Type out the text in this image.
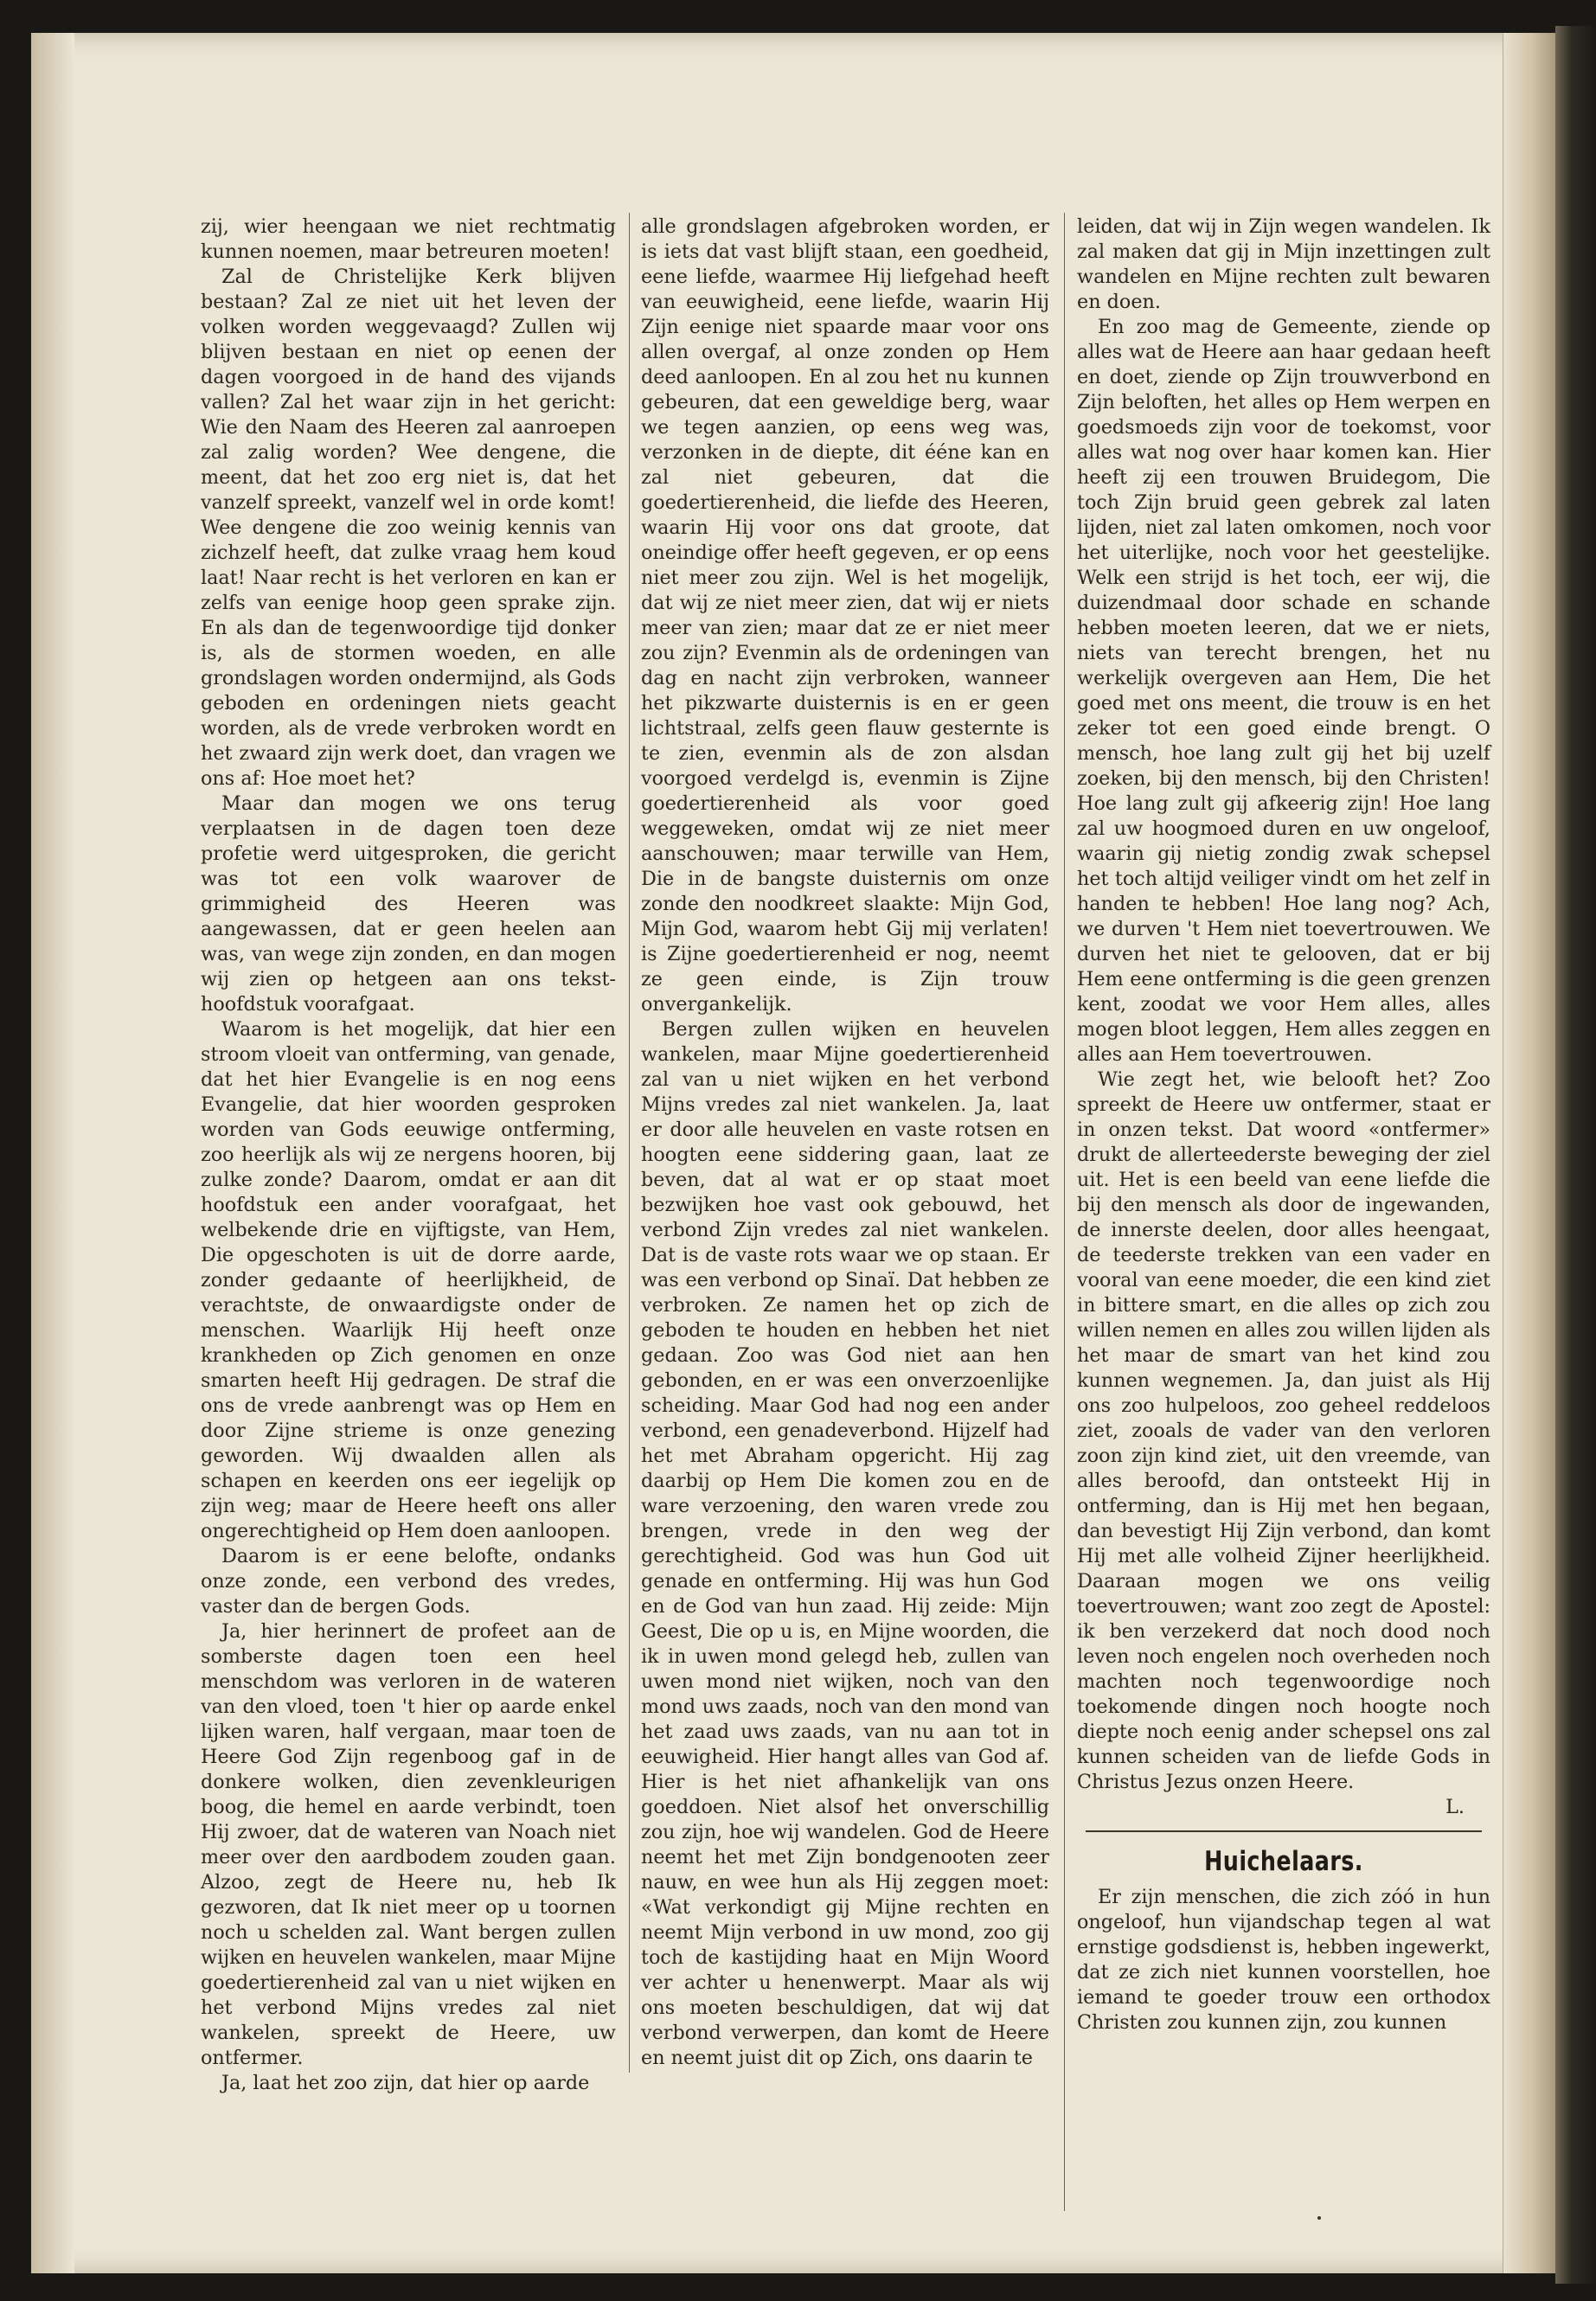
zij, wier heengaan we niet rechtmatig kunnen noemen, maar betreuren moeten!

Zal de Christelijke Kerk blijven bestaan? Zal ze niet uit het leven der volken worden weggevaagd? Zullen wij blijven bestaan en niet op eenen der dagen voorgoed in de hand des vijands vallen? Zal het waar zijn in het gericht: Wie den Naam des Heeren zal aanroepen zal zalig worden? Wee dengene, die meent, dat het zoo erg niet is, dat het vanzelf spreekt, vanzelf wel in orde komt! Wee dengene die zoo weinig kennis van zichzelf heeft, dat zulke vraag hem koud laat! Naar recht is het verloren en kan er zelfs van eenige hoop geen sprake zijn. En als dan de tegenwoordige tijd donker is, als de stormen woeden, en alle grondslagen worden ondermijnd, als Gods geboden en ordeningen niets geacht worden, als de vrede verbroken wordt en het zwaard zijn werk doet, dan vragen we ons af: Hoe moet het?

Maar dan mogen we ons terug verplaatsen in de dagen toen deze profetie werd uitgesproken, die gericht was tot een volk waarover de grimmigheid des Heeren was aangewassen, dat er geen heelen aan was, van wege zijn zonden, en dan mogen wij zien op hetgeen aan ons tekst-hoofdstuk voorafgaat.

Waarom is het mogelijk, dat hier een stroom vloeit van ontferming, van genade, dat het hier Evangelie is en nog eens Evangelie, dat hier woorden gesproken worden van Gods eeuwige ontferming, zoo heerlijk als wij ze nergens hooren, bij zulke zonde? Daarom, omdat er aan dit hoofdstuk een ander voorafgaat, het welbekende drie en vijftigste, van Hem, Die opgeschoten is uit de dorre aarde, zonder gedaante of heerlijkheid, de verachtste, de onwaardigste onder de menschen. Waarlijk Hij heeft onze krankheden op Zich genomen en onze smarten heeft Hij gedragen. De straf die ons de vrede aanbrengt was op Hem en door Zijne strieme is onze genezing geworden. Wij dwaalden allen als schapen en keerden ons eer iegelijk op zijn weg; maar de Heere heeft ons aller ongerechtigheid op Hem doen aanloopen.

Daarom is er eene belofte, ondanks onze zonde, een verbond des vredes, vaster dan de bergen Gods.

Ja, hier herinnert de profeet aan de somberste dagen toen een heel menschdom was verloren in de wateren van den vloed, toen 't hier op aarde enkel lijken waren, half vergaan, maar toen de Heere God Zijn regenboog gaf in de donkere wolken, dien zevenkleurigen boog, die hemel en aarde verbindt, toen Hij zwoer, dat de wateren van Noach niet meer over den aardbodem zouden gaan. Alzoo, zegt de Heere nu, heb Ik gezworen, dat Ik niet meer op u toornen noch u schelden zal. Want bergen zullen wijken en heuvelen wankelen, maar Mijne goedertierenheid zal van u niet wijken en het verbond Mijns vredes zal niet wankelen, spreekt de Heere, uw ontfermer.

Ja, laat het zoo zijn, dat hier op aarde

alle grondslagen afgebroken worden, er is iets dat vast blijft staan, een goedheid, eene liefde, waarmee Hij liefgehad heeft van eeuwigheid, eene liefde, waarin Hij Zijn eenige niet spaarde maar voor ons allen overgaf, al onze zonden op Hem deed aanloopen. En al zou het nu kunnen gebeuren, dat een geweldige berg, waar we tegen aanzien, op eens weg was, verzonken in de diepte, dit ééne kan en zal niet gebeuren, dat die goedertierenheid, die liefde des Heeren, waarin Hij voor ons dat groote, dat oneindige offer heeft gegeven, er op eens niet meer zou zijn. Wel is het mogelijk, dat wij ze niet meer zien, dat wij er niets meer van zien; maar dat ze er niet meer zou zijn? Evenmin als de ordeningen van dag en nacht zijn verbroken, wanneer het pikzwarte duisternis is en er geen lichtstraal, zelfs geen flauw gesternte is te zien, evenmin als de zon alsdan voorgoed verdelgd is, evenmin is Zijne goedertierenheid als voor goed weggeweken, omdat wij ze niet meer aanschouwen; maar terwille van Hem, Die in de bangste duisternis om onze zonde den noodkreet slaakte: Mijn God, Mijn God, waarom hebt Gij mij verlaten! is Zijne goedertierenheid er nog, neemt ze geen einde, is Zijn trouw onvergankelijk.

Bergen zullen wijken en heuvelen wankelen, maar Mijne goedertierenheid zal van u niet wijken en het verbond Mijns vredes zal niet wankelen. Ja, laat er door alle heuvelen en vaste rotsen en hoogten eene siddering gaan, laat ze beven, dat al wat er op staat moet bezwijken hoe vast ook gebouwd, het verbond Zijn vredes zal niet wankelen. Dat is de vaste rots waar we op staan. Er was een verbond op Sinaï. Dat hebben ze verbroken. Ze namen het op zich de geboden te houden en hebben het niet gedaan. Zoo was God niet aan hen gebonden, en er was een onverzoenlijke scheiding. Maar God had nog een ander verbond, een genadeverbond. Hijzelf had het met Abraham opgericht. Hij zag daarbij op Hem Die komen zou en de ware verzoening, den waren vrede zou brengen, vrede in den weg der gerechtigheid. God was hun God uit genade en ontferming. Hij was hun God en de God van hun zaad. Hij zeide: Mijn Geest, Die op u is, en Mijne woorden, die ik in uwen mond gelegd heb, zullen van uwen mond niet wijken, noch van den mond uws zaads, noch van den mond van het zaad uws zaads, van nu aan tot in eeuwigheid. Hier hangt alles van God af. Hier is het niet afhankelijk van ons goeddoen. Niet alsof het onverschillig zou zijn, hoe wij wandelen. God de Heere neemt het met Zijn bondgenooten zeer nauw, en wee hun als Hij zeggen moet: «Wat verkondigt gij Mijne rechten en neemt Mijn verbond in uw mond, zoo gij toch de kastijding haat en Mijn Woord ver achter u henenwerpt. Maar als wij ons moeten beschuldigen, dat wij dat verbond verwerpen, dan komt de Heere en neemt juist dit op Zich, ons daarin te

leiden, dat wij in Zijn wegen wandelen. Ik zal maken dat gij in Mijn inzettingen zult wandelen en Mijne rechten zult bewaren en doen.

En zoo mag de Gemeente, ziende op alles wat de Heere aan haar gedaan heeft en doet, ziende op Zijn trouwverbond en Zijn beloften, het alles op Hem werpen en goedsmoeds zijn voor de toekomst, voor alles wat nog over haar komen kan. Hier heeft zij een trouwen Bruidegom, Die toch Zijn bruid geen gebrek zal laten lijden, niet zal laten omkomen, noch voor het uiterlijke, noch voor het geestelijke. Welk een strijd is het toch, eer wij, die duizendmaal door schade en schande hebben moeten leeren, dat we er niets, niets van terecht brengen, het nu werkelijk overgeven aan Hem, Die het goed met ons meent, die trouw is en het zeker tot een goed einde brengt. O mensch, hoe lang zult gij het bij uzelf zoeken, bij den mensch, bij den Christen! Hoe lang zult gij afkeerig zijn! Hoe lang zal uw hoogmoed duren en uw ongeloof, waarin gij nietig zondig zwak schepsel het toch altijd veiliger vindt om het zelf in handen te hebben! Hoe lang nog? Ach, we durven 't Hem niet toevertrouwen. We durven het niet te gelooven, dat er bij Hem eene ontferming is die geen grenzen kent, zoodat we voor Hem alles, alles mogen bloot leggen, Hem alles zeggen en alles aan Hem toevertrouwen.

Wie zegt het, wie belooft het? Zoo spreekt de Heere uw ontfermer, staat er in onzen tekst. Dat woord «ontfermer» drukt de allerteederste beweging der ziel uit. Het is een beeld van eene liefde die bij den mensch als door de ingewanden, de innerste deelen, door alles heengaat, de teederste trekken van een vader en vooral van eene moeder, die een kind ziet in bittere smart, en die alles op zich zou willen nemen en alles zou willen lijden als het maar de smart van het kind zou kunnen wegnemen. Ja, dan juist als Hij ons zoo hulpeloos, zoo geheel reddeloos ziet, zooals de vader van den verloren zoon zijn kind ziet, uit den vreemde, van alles beroofd, dan ontsteekt Hij in ontferming, dan is Hij met hen begaan, dan bevestigt Hij Zijn verbond, dan komt Hij met alle volheid Zijner heerlijkheid. Daaraan mogen we ons veilig toevertrouwen; want zoo zegt de Apostel: ik ben verzekerd dat noch dood noch leven noch engelen noch overheden noch machten noch tegenwoordige noch toekomende dingen noch hoogte noch diepte noch eenig ander schepsel ons zal kunnen scheiden van de liefde Gods in Christus Jezus onzen Heere.

L.
Huichelaars.

Er zijn menschen, die zich zóó in hun ongeloof, hun vijandschap tegen al wat ernstige godsdienst is, hebben ingewerkt, dat ze zich niet kunnen voorstellen, hoe iemand te goeder trouw een orthodox Christen zou kunnen zijn, zou kunnen
